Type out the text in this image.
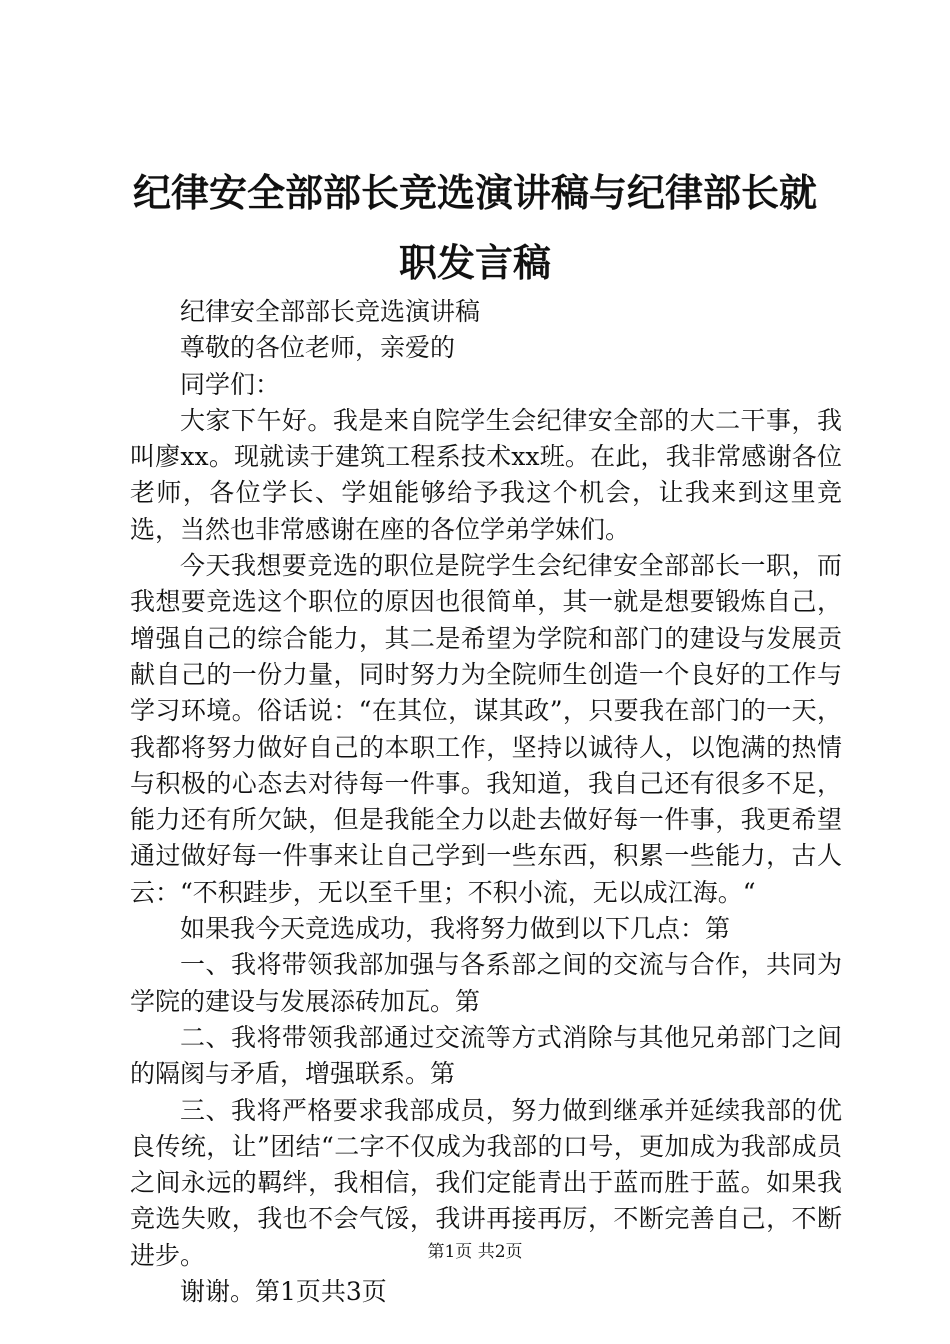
纪律安全部部长竞选演讲稿与纪律部长就职发言稿

纪律安全部部长竞选演讲稿

尊敬的各位老师，亲爱的

同学们：

大家下午好。我是来自院学生会纪律安全部的大二干事，我叫廖xx。现就读于建筑工程系技术xx班。在此，我非常感谢各位老师，各位学长、学姐能够给予我这个机会，让我来到这里竞选，当然也非常感谢在座的各位学弟学妹们。

今天我想要竞选的职位是院学生会纪律安全部部长一职，而我想要竞选这个职位的原因也很简单，其一就是想要锻炼自己，增强自己的综合能力，其二是希望为学院和部门的建设与发展贡献自己的一份力量，同时努力为全院师生创造一个良好的工作与学习环境。俗话说：“在其位，谋其政”，只要我在部门的一天，我都将努力做好自己的本职工作，坚持以诚待人，以饱满的热情与积极的心态去对待每一件事。我知道，我自己还有很多不足，能力还有所欠缺，但是我能全力以赴去做好每一件事，我更希望通过做好每一件事来让自己学到一些东西，积累一些能力，古人云：“不积跬步，无以至千里；不积小流，无以成江海。“

如果我今天竞选成功，我将努力做到以下几点：第

一、我将带领我部加强与各系部之间的交流与合作，共同为学院的建设与发展添砖加瓦。第

二、我将带领我部通过交流等方式消除与其他兄弟部门之间的隔阂与矛盾，增强联系。第

三、我将严格要求我部成员，努力做到继承并延续我部的优良传统，让”团结“二字不仅成为我部的口号，更加成为我部成员之间永远的羁绊，我相信，我们定能青出于蓝而胜于蓝。如果我竞选失败，我也不会气馁，我讲再接再厉，不断完善自己，不断进步。

谢谢。第1页共3页

第1页 共2页
